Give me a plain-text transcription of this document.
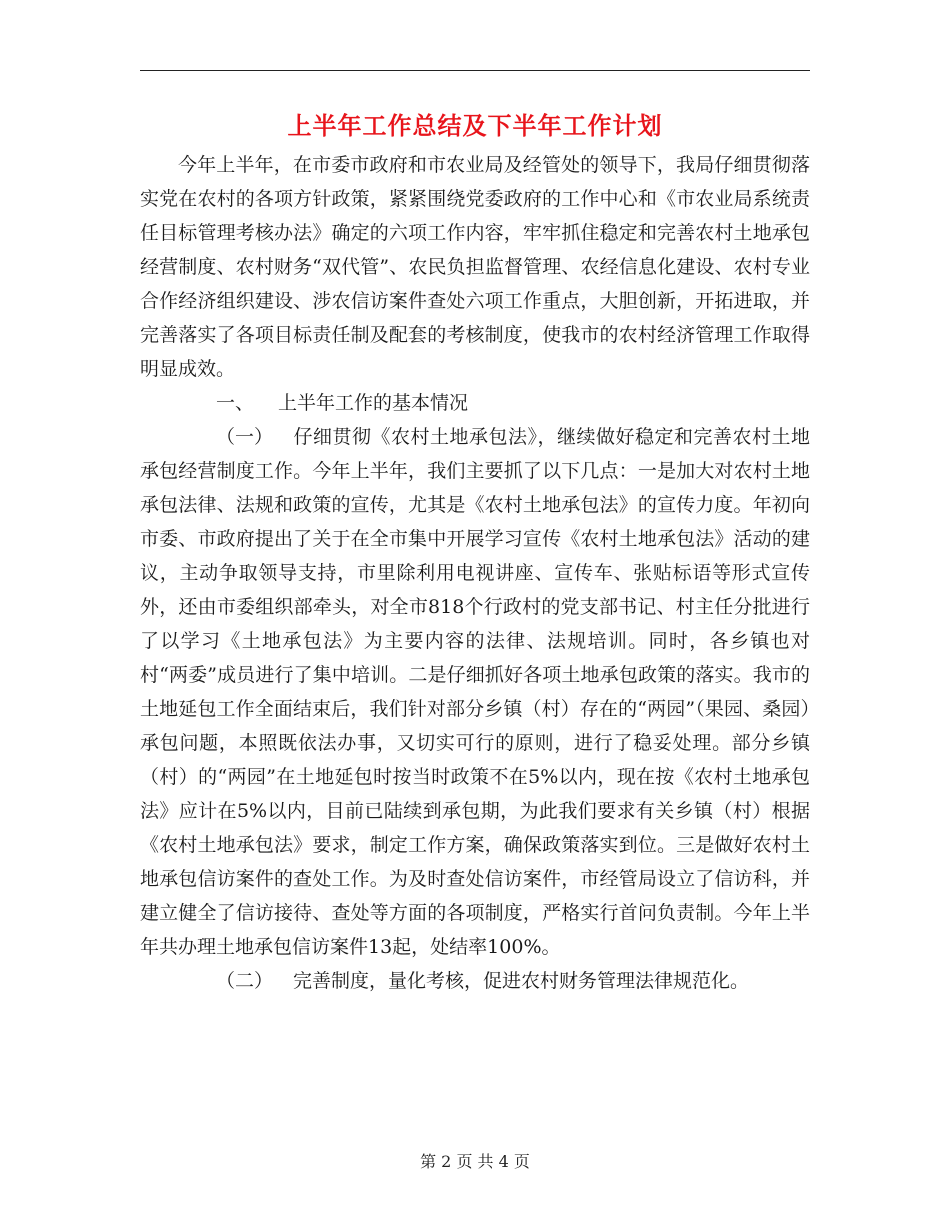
上半年工作总结及下半年工作计划

今年上半年，在市委市政府和市农业局及经管处的领导下，我局仔细贯彻落实党在农村的各项方针政策，紧紧围绕党委政府的工作中心和《市农业局系统责任目标管理考核办法》确定的六项工作内容，牢牢抓住稳定和完善农村土地承包经营制度、农村财务“双代管”、农民负担监督管理、农经信息化建设、农村专业合作经济组织建设、涉农信访案件查处六项工作重点，大胆创新，开拓进取，并完善落实了各项目标责任制及配套的考核制度，使我市的农村经济管理工作取得明显成效。

一、 上半年工作的基本情况

（一） 仔细贯彻《农村土地承包法》，继续做好稳定和完善农村土地承包经营制度工作。今年上半年，我们主要抓了以下几点：一是加大对农村土地承包法律、法规和政策的宣传，尤其是《农村土地承包法》的宣传力度。年初向市委、市政府提出了关于在全市集中开展学习宣传《农村土地承包法》活动的建议，主动争取领导支持，市里除利用电视讲座、宣传车、张贴标语等形式宣传外，还由市委组织部牵头，对全市818个行政村的党支部书记、村主任分批进行了以学习《土地承包法》为主要内容的法律、法规培训。同时，各乡镇也对村“两委”成员进行了集中培训。二是仔细抓好各项土地承包政策的落实。我市的土地延包工作全面结束后，我们针对部分乡镇（村）存在的“两园”（果园、桑园）承包问题，本照既依法办事，又切实可行的原则，进行了稳妥处理。部分乡镇（村）的“两园”在土地延包时按当时政策不在5%以内，现在按《农村土地承包法》应计在5%以内，目前已陆续到承包期，为此我们要求有关乡镇（村）根据《农村土地承包法》要求，制定工作方案，确保政策落实到位。三是做好农村土地承包信访案件的查处工作。为及时查处信访案件，市经管局设立了信访科，并建立健全了信访接待、查处等方面的各项制度，严格实行首问负责制。今年上半年共办理土地承包信访案件13起，处结率100%。

（二） 完善制度，量化考核，促进农村财务管理法律规范化。

第 2 页 共 4 页
